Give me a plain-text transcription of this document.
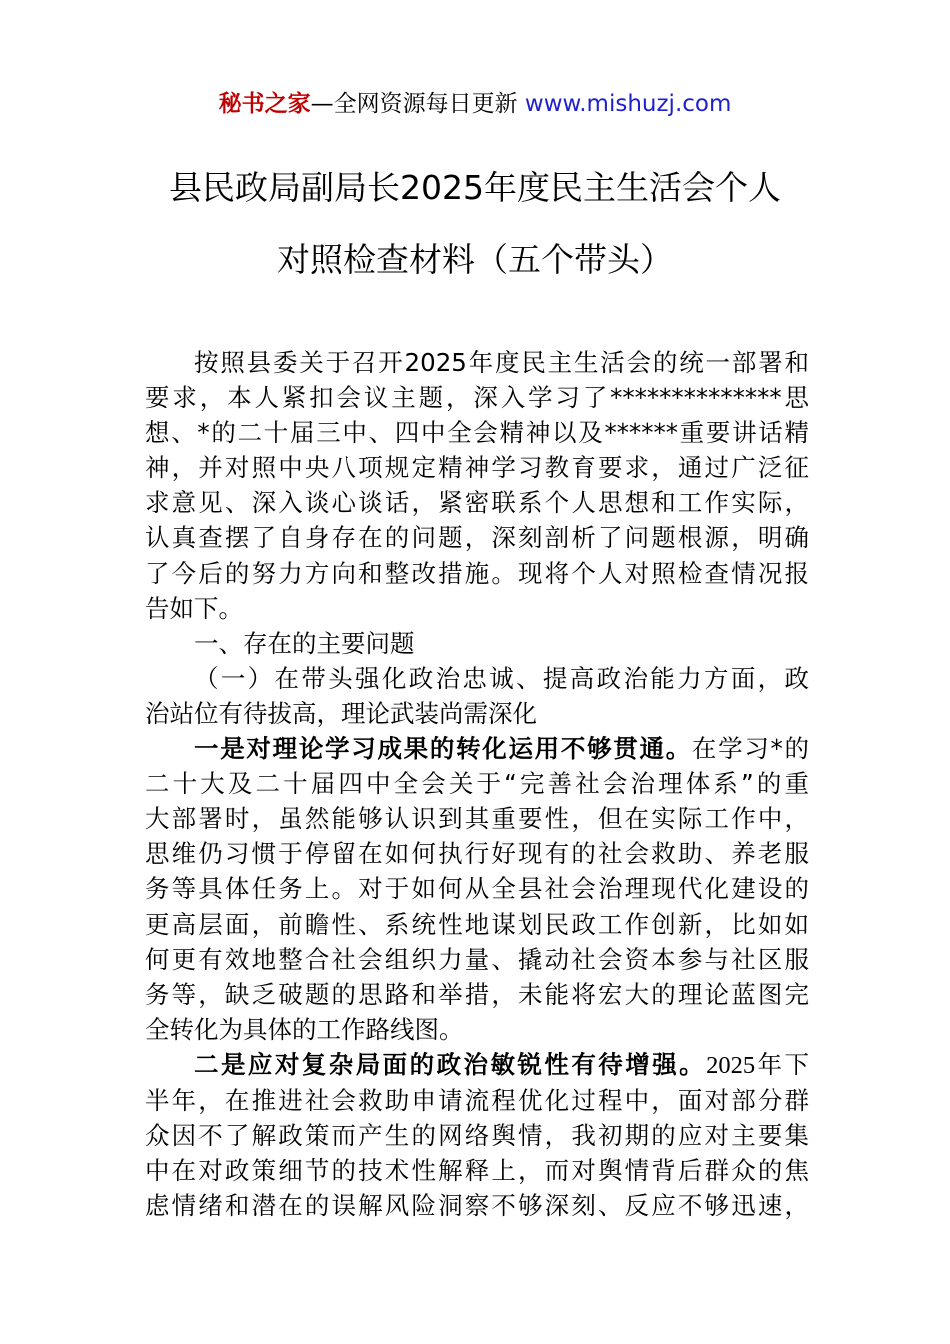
秘书之家—全网资源每日更新 www.mishuzj.com
县民政局副局长2025年度民主生活会个人
对照检查材料（五个带头）
按照县委关于召开2025年度民主生活会的统一部署和
要求，本人紧扣会议主题，深入学习了**************思
想、*的二十届三中、四中全会精神以及******重要讲话精
神，并对照中央八项规定精神学习教育要求，通过广泛征
求意见、深入谈心谈话，紧密联系个人思想和工作实际，
认真查摆了自身存在的问题，深刻剖析了问题根源，明确
了今后的努力方向和整改措施。现将个人对照检查情况报
告如下。
一、存在的主要问题
（一）在带头强化政治忠诚、提高政治能力方面，政
治站位有待拔高，理论武装尚需深化
一是对理论学习成果的转化运用不够贯通。在学习*的
二十大及二十届四中全会关于“完善社会治理体系”的重
大部署时，虽然能够认识到其重要性，但在实际工作中，
思维仍习惯于停留在如何执行好现有的社会救助、养老服
务等具体任务上。对于如何从全县社会治理现代化建设的
更高层面，前瞻性、系统性地谋划民政工作创新，比如如
何更有效地整合社会组织力量、撬动社会资本参与社区服
务等，缺乏破题的思路和举措，未能将宏大的理论蓝图完
全转化为具体的工作路线图。
二是应对复杂局面的政治敏锐性有待增强。2025年下
半年，在推进社会救助申请流程优化过程中，面对部分群
众因不了解政策而产生的网络舆情，我初期的应对主要集
中在对政策细节的技术性解释上，而对舆情背后群众的焦
虑情绪和潜在的误解风险洞察不够深刻、反应不够迅速，
